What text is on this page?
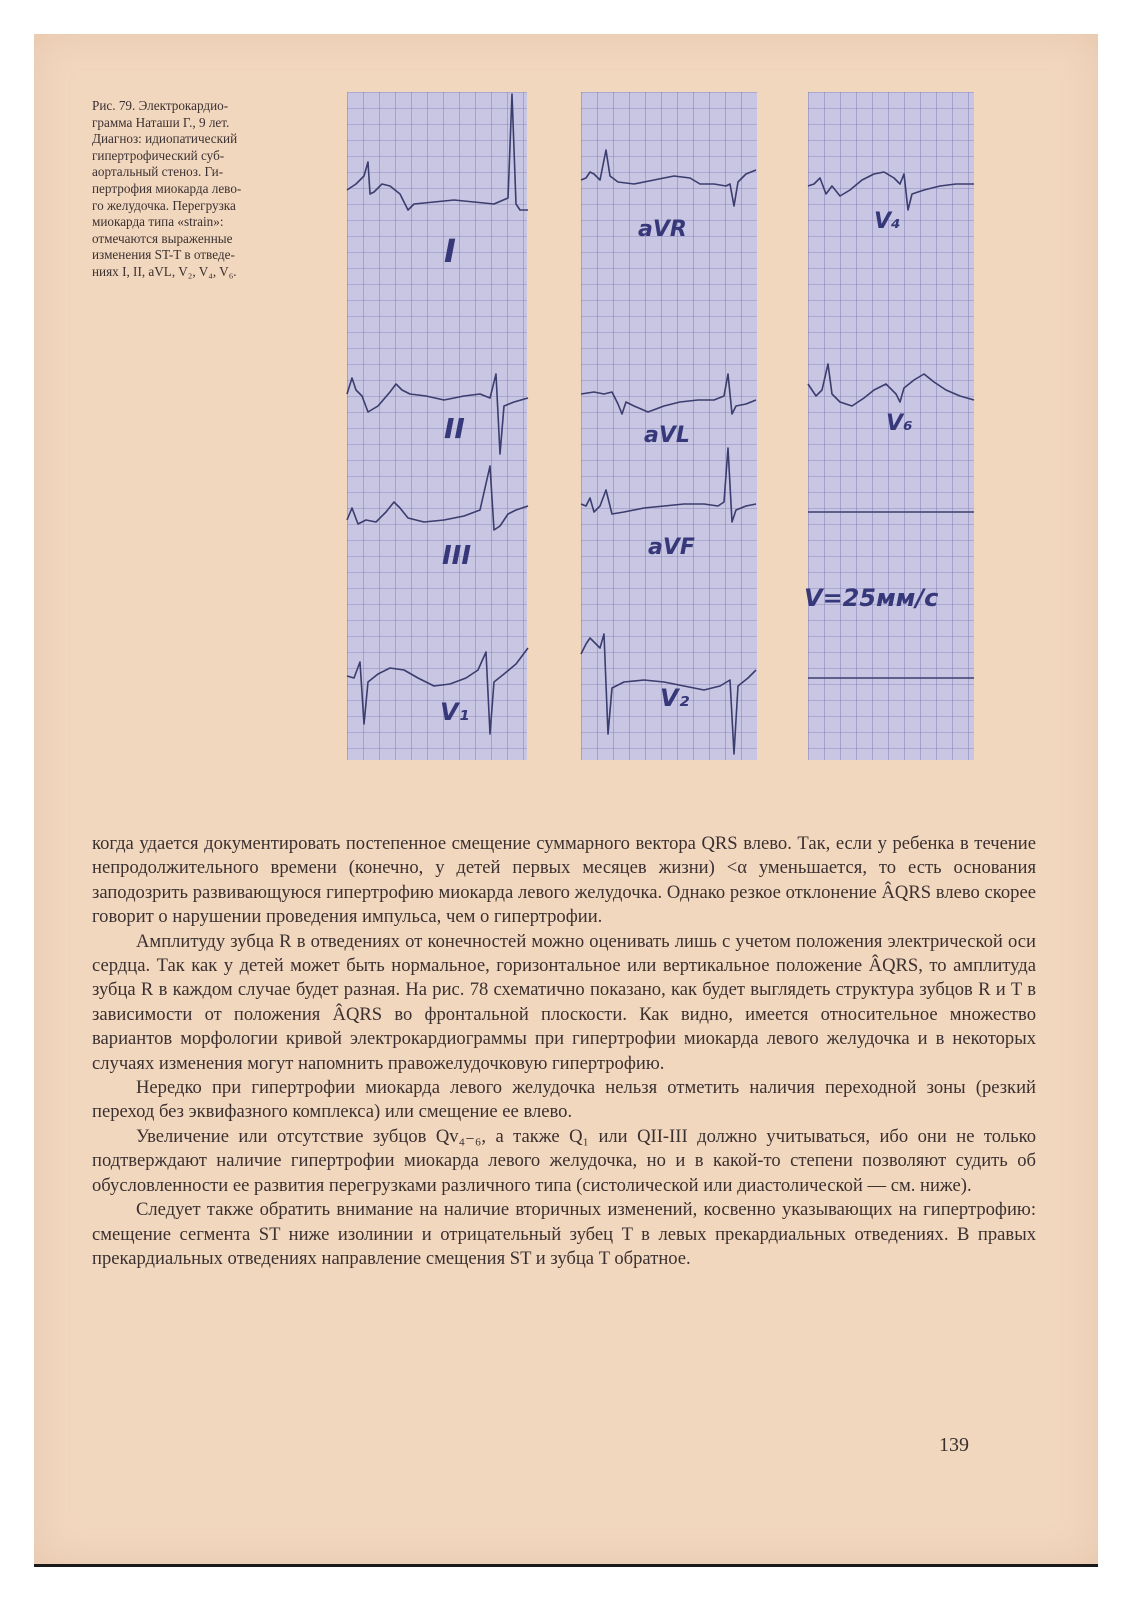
Рис. 79. Электрокардио-

грамма Наташи Г., 9 лет.

Диагноз: идиопатический

гипертрофический суб-

аортальный стеноз. Ги-

пертрофия миокарда лево-

го желудочка. Перегрузка

миокарда типа «strain»:

отмечаются выраженные

изменения ST-T в отведе-

ниях I, II, aVL, V₂, V₄, V₆.

I
II
III
V₁
aVR
aVL
aVF
V₂
V₄
V₆
V=25мм/с

когда удается документировать постепенное смещение суммарного вектора QRS влево. Так, если у ребенка в течение непродолжительного времени (конечно, у детей первых месяцев жизни) <α уменьшается, то есть основания заподозрить развивающуюся гипертрофию миокарда левого желудочка. Однако резкое отклонение ÂQRS влево скорее говорит о нарушении проведения импульса, чем о гипертрофии.

Амплитуду зубца R в отведениях от конечностей можно оценивать лишь с учетом положения электрической оси сердца. Так как у детей может быть нормальное, горизонтальное или вертикальное положение ÂQRS, то амплитуда зубца R в каждом случае будет разная. На рис. 78 схематично показано, как будет выглядеть структура зубцов R и T в зависимости от положения ÂQRS во фронтальной плоскости. Как видно, имеется относительное множество вариантов морфологии кривой электрокардиограммы при гипертрофии миокарда левого желудочка и в некоторых случаях изменения могут напомнить правожелудочковую гипертрофию.

Нередко при гипертрофии миокарда левого желудочка нельзя отметить наличия переходной зоны (резкий переход без эквифазного комплекса) или смещение ее влево.

Увеличение или отсутствие зубцов Qv₄₋₆, а также Q₁ или QII-III должно учитываться, ибо они не только подтверждают наличие гипертрофии миокарда левого желудочка, но и в какой-то степени позволяют судить об обусловленности ее развития перегрузками различного типа (систолической или диастолической — см. ниже).

Следует также обратить внимание на наличие вторичных изменений, косвенно указывающих на гипертрофию: смещение сегмента ST ниже изолинии и отрицательный зубец T в левых прекардиальных отведениях. В правых прекардиальных отведениях направление смещения ST и зубца T обратное.

139
